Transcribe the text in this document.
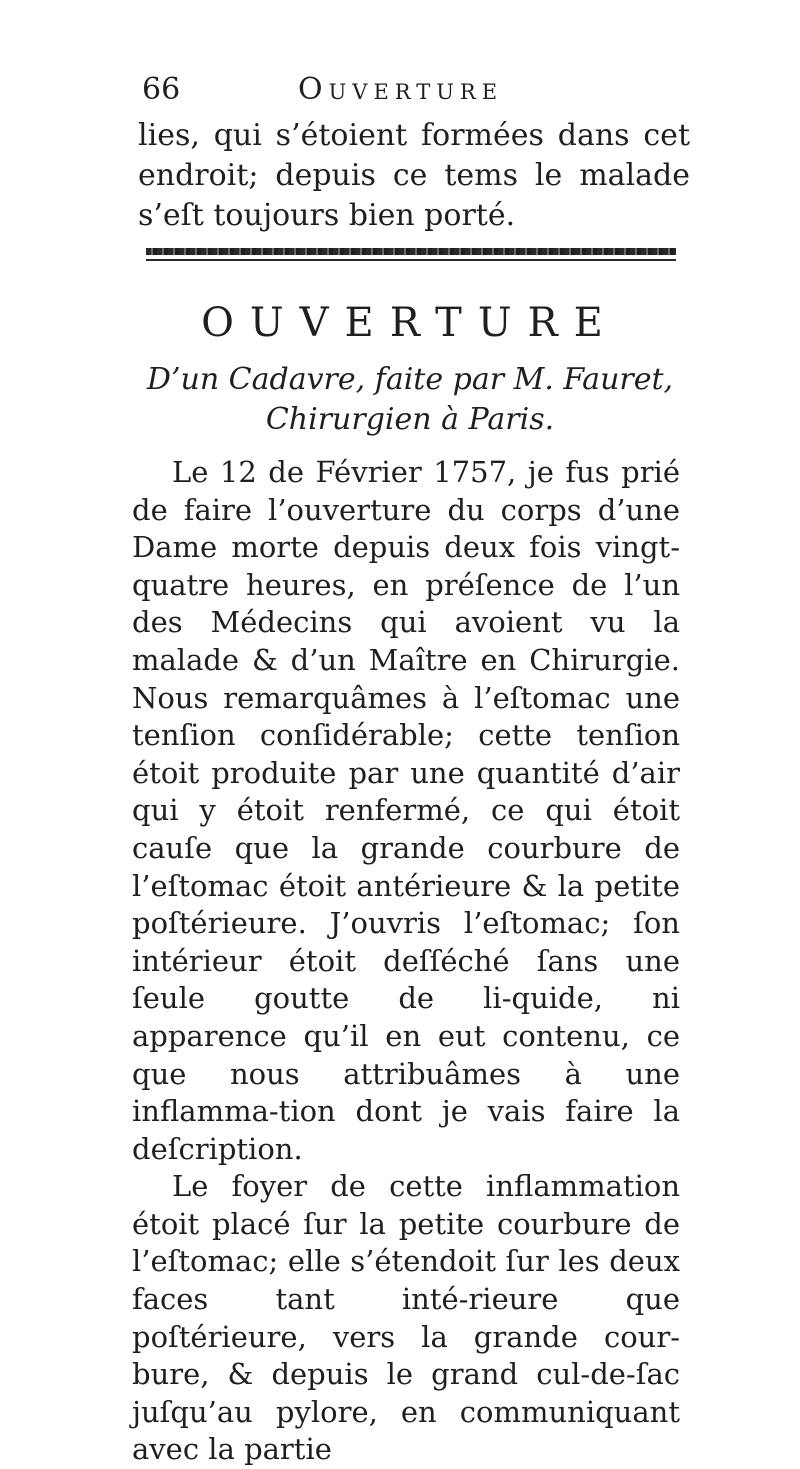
66	Ouverture
lies, qui s’étoient formées dans cet endroit; depuis ce tems le malade s’eſt toujours bien porté.
OUVERTURE
D’un Cadavre, faite par M. Fauret,
Chirurgien à Paris.

Le 12 de Février 1757, je fus prié de faire l’ouverture du corps d’une Dame morte depuis deux fois vingt-quatre heures, en préſence de l’un des Médecins qui avoient vu la malade & d’un Maître en Chirurgie. Nous remarquâmes à l’eſtomac une tenſion conſidérable; cette tenſion étoit produite par une quantité d’air qui y étoit renfermé, ce qui étoit cauſe que la grande courbure de l’eſtomac étoit antérieure & la petite poſtérieure. J’ouvris l’eſtomac; ſon intérieur étoit deſſéché ſans une ſeule goutte de li-quide, ni apparence qu’il en eut contenu, ce que nous attribuâmes à une inflamma-tion dont je vais faire la deſcription.

Le foyer de cette inflammation étoit placé ſur la petite courbure de l’eſtomac; elle s’étendoit ſur les deux faces tant inté-rieure que poſtérieure, vers la grande cour-bure, & depuis le grand cul-de-ſac juſqu’au pylore, en communiquant avec la partie
